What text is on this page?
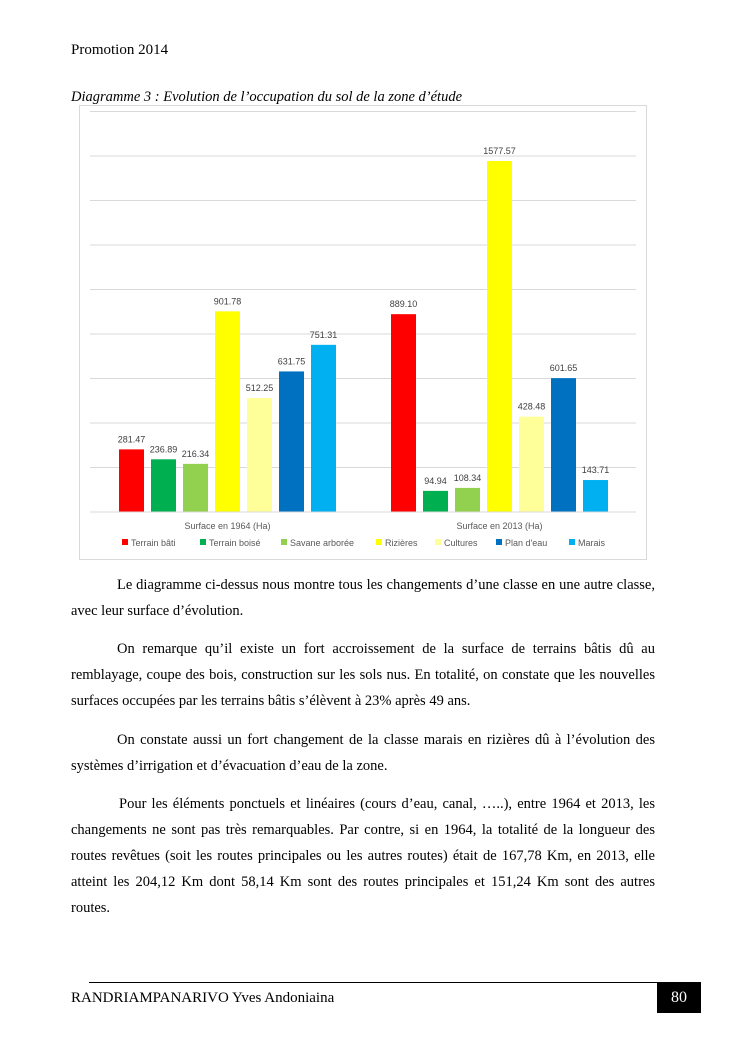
Promotion 2014
Diagramme 3 : Evolution de l’occupation du sol de la zone d’étude
281.47
236.89 216.34
901.78
512.25
631.75
751.31
Surface en 1964 (Ha)
889.10
94.94 108.34
1577.57
428.48
601.65
143.71
Surface en 2013 (Ha)
Terrain bâti	Terrain boisé	Savane arborée	Rizières	Cultures	Plan d'eau	Marais

Le diagramme ci-dessus nous montre tous les changements d’une classe en une autre classe, avec leur surface d’évolution.

On remarque qu’il existe un fort accroissement de la surface de terrains bâtis dû au remblayage, coupe des bois, construction sur les sols nus. En totalité, on constate que les nouvelles surfaces occupées par les terrains bâtis s’élèvent à 23% après 49 ans.

On constate aussi un fort changement de la classe marais en rizières dû à l’évolution des systèmes d’irrigation et d’évacuation d’eau de la zone.

Pour les éléments ponctuels et linéaires (cours d’eau, canal, …..), entre 1964 et 2013, les changements ne sont pas très remarquables. Par contre, si en 1964, la totalité de la longueur des routes revêtues (soit les routes principales ou les autres routes) était de 167,78 Km, en 2013, elle atteint les 204,12 Km dont 58,14 Km sont des routes principales et 151,24 Km sont des autres routes.

RANDRIAMPANARIVO Yves Andoniaina	80
